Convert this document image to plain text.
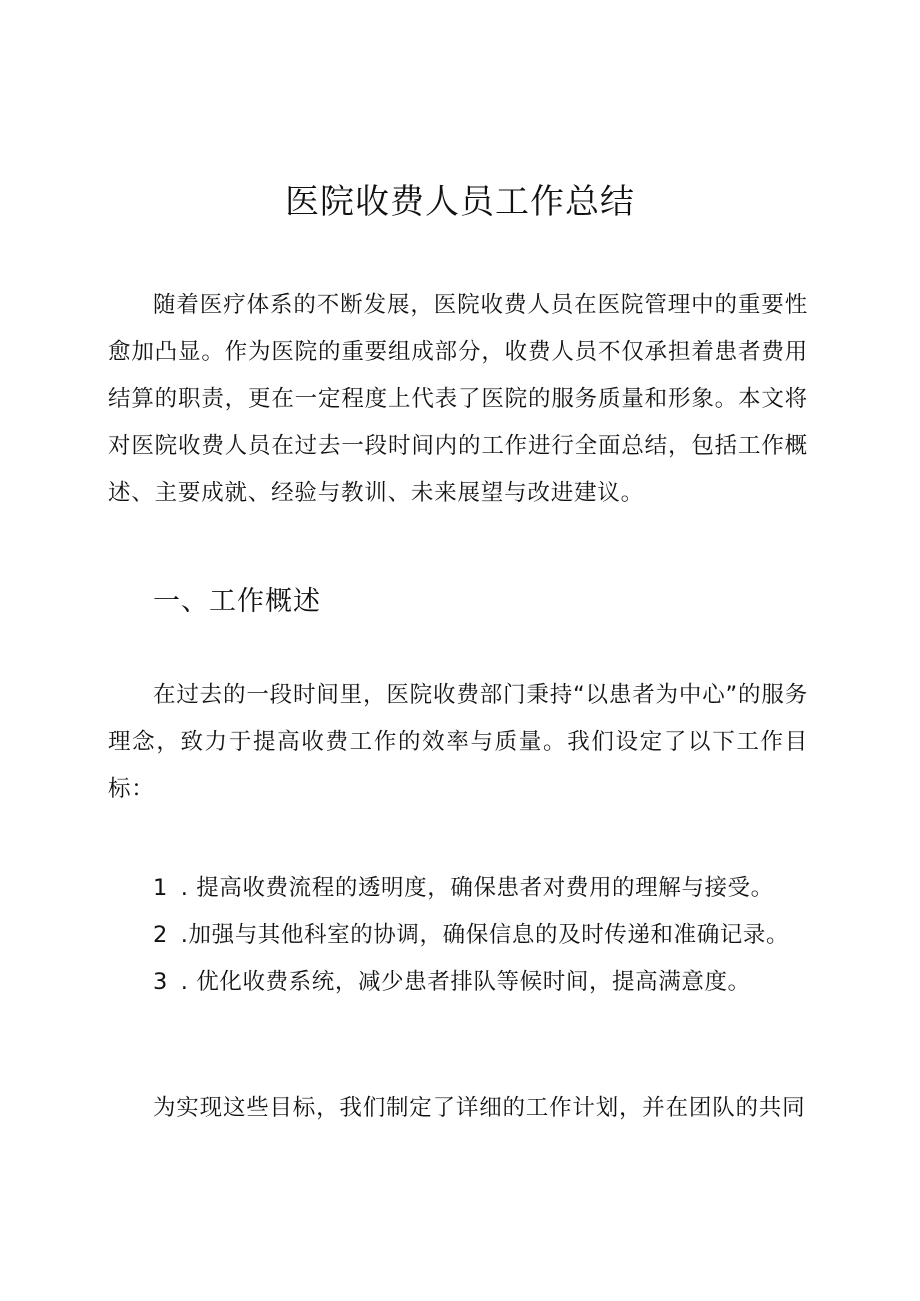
医院收费人员工作总结

随着医疗体系的不断发展，医院收费人员在医院管理中的重要性愈加凸显。作为医院的重要组成部分，收费人员不仅承担着患者费用结算的职责，更在一定程度上代表了医院的服务质量和形象。本文将对医院收费人员在过去一段时间内的工作进行全面总结，包括工作概述、主要成就、经验与教训、未来展望与改进建议。

一、工作概述

在过去的一段时间里，医院收费部门秉持“以患者为中心”的服务理念，致力于提高收费工作的效率与质量。我们设定了以下工作目标：

1 . 提高收费流程的透明度，确保患者对费用的理解与接受。
2 .加强与其他科室的协调，确保信息的及时传递和准确记录。
3 . 优化收费系统，减少患者排队等候时间，提高满意度。

为实现这些目标，我们制定了详细的工作计划，并在团队的共同
